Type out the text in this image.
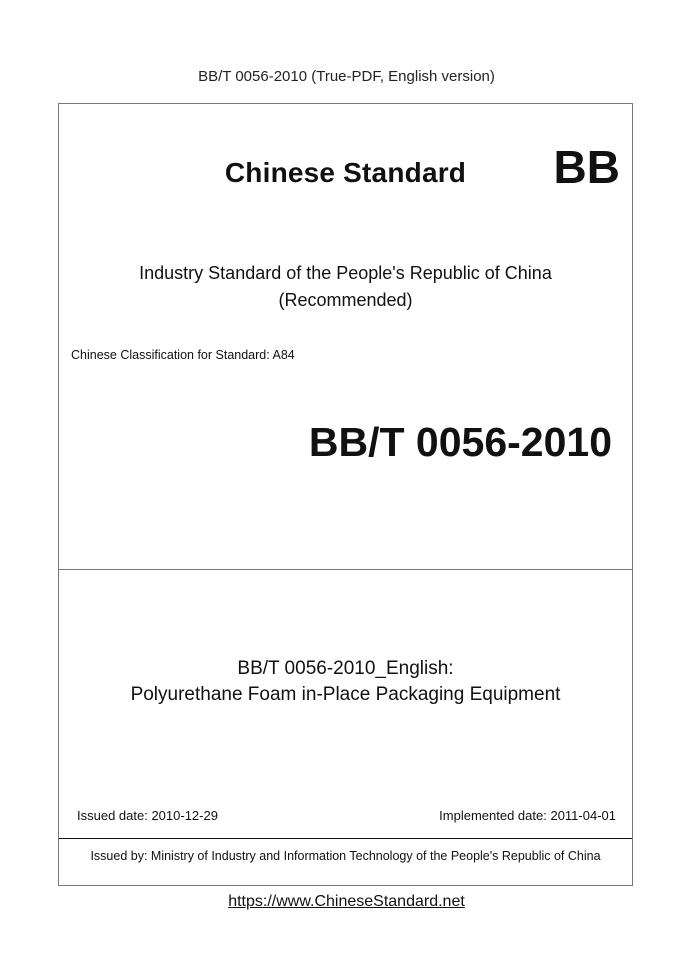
BB/T 0056-2010 (True-PDF, English version)
Chinese Standard	BB
Industry Standard of the People's Republic of China
(Recommended)
Chinese Classification for Standard: A84
BB/T 0056-2010
BB/T 0056-2010_English:
Polyurethane Foam in-Place Packaging Equipment
Issued date: 2010-12-29	Implemented date: 2011-04-01
Issued by: Ministry of Industry and Information Technology of the People's Republic of China
https://www.ChineseStandard.net
